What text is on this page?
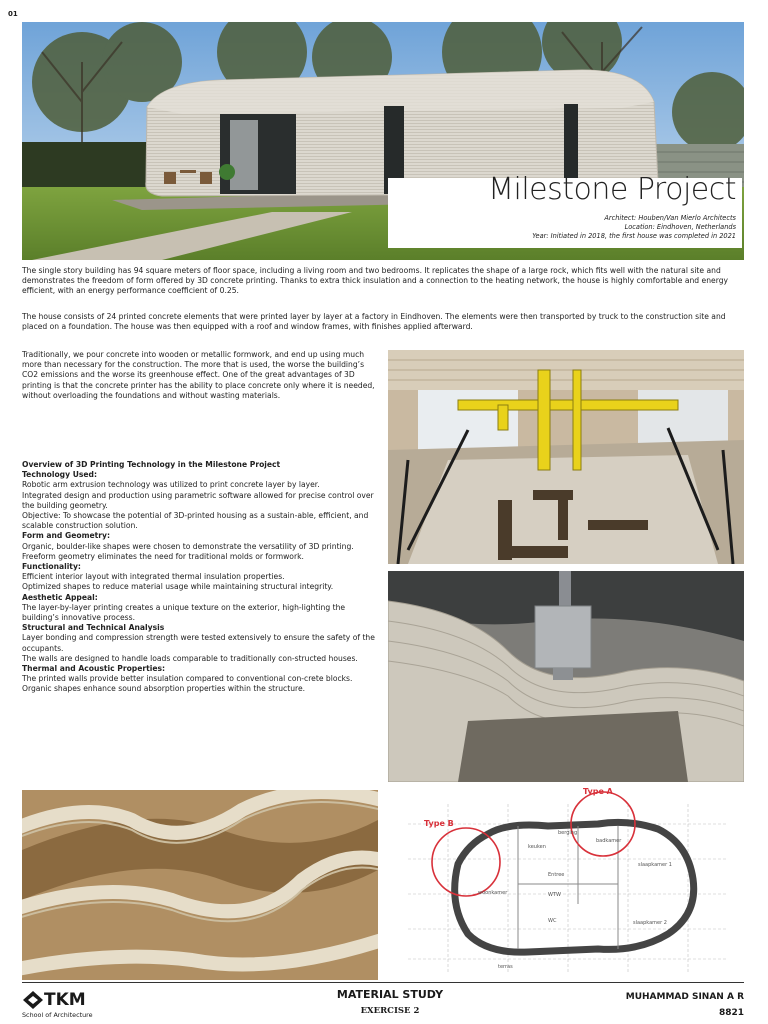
01
Milestone Project
Architect: Houben/Van Mierlo Architects
Location: Eindhoven, Netherlands
Year: Initiated in 2018, the first house was completed in 2021
The single story building has 94 square meters of floor space, including a living room and two bedrooms. It replicates the shape of a large rock, which fits well with the natural site and demonstrates the freedom of form offered by 3D concrete printing. Thanks to extra thick insulation and a connection to the heating network, the house is highly comfortable and energy efficient, with an energy performance coefficient of 0.25.
The house consists of 24 printed concrete elements that were printed layer by layer at a factory in Eindhoven. The elements were then transported by truck to the construction site and placed on a foundation. The house was then equipped with a roof and window frames, with finishes applied afterward.
Traditionally, we pour concrete into wooden or metallic formwork, and end up using much more than necessary for the construction. The more that is used, the worse the building’s CO2 emissions and the worse its greenhouse effect. One of the great advantages of 3D printing is that the concrete printer has the ability to place concrete only where it is needed, without overloading the foundations and without wasting materials.
Overview of 3D Printing Technology in the Milestone Project
Technology Used:
Robotic arm extrusion technology was utilized to print concrete layer by layer.
Integrated design and production using parametric software allowed for precise control over the building geometry.
Objective: To showcase the potential of 3D-printed housing as a sustain-able, efficient, and scalable construction solution.
Form and Geometry:
Organic, boulder-like shapes were chosen to demonstrate the versatility of 3D printing.
Freeform geometry eliminates the need for traditional molds or formwork.
Functionality:
Efficient interior layout with integrated thermal insulation properties.
Optimized shapes to reduce material usage while maintaining structural integrity.
Aesthetic Appeal:
The layer-by-layer printing creates a unique texture on the exterior, high-lighting the building’s innovative process.
Structural and Technical Analysis
Layer bonding and compression strength were tested extensively to ensure the safety of the occupants.
The walls are designed to handle loads comparable to traditionally con-structed houses.
Thermal and Acoustic Properties:
The printed walls provide better insulation compared to conventional con-crete blocks.
Organic shapes enhance sound absorption properties within the structure.
Type B
Type A
keuken
berging
badkamer
slaapkamer 1
woonkamer
Entree
WTW
WC	slaapkamer 2
terras
TKM
School of Architecture
MATERIAL STUDY
EXERCISE 2
MUHAMMAD SINAN A R
8821
